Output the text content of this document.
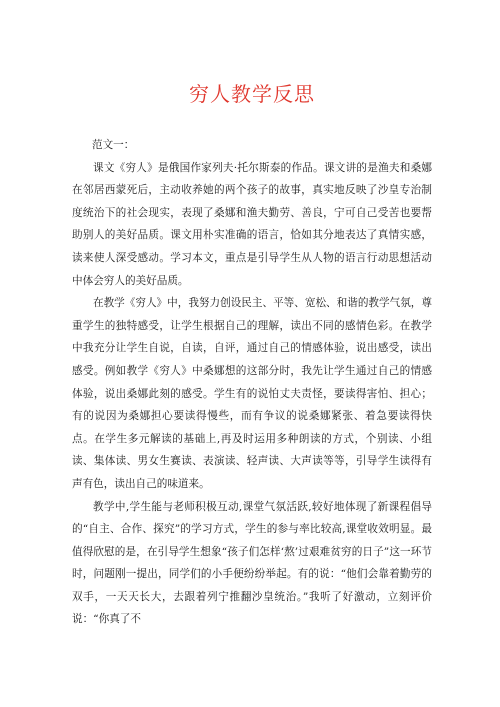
穷人教学反思

范文一：

课文《穷人》是俄国作家列夫·托尔斯泰的作品。课文讲的是渔夫和桑娜在邻居西蒙死后，主动收养她的两个孩子的故事，真实地反映了沙皇专治制度统治下的社会现实，表现了桑娜和渔夫勤劳、善良，宁可自己受苦也要帮助别人的美好品质。课文用朴实准确的语言，恰如其分地表达了真情实感，读来使人深受感动。学习本文，重点是引导学生从人物的语言行动思想活动中体会穷人的美好品质。

在教学《穷人》中，我努力创设民主、平等、宽松、和谐的教学气氛，尊重学生的独特感受，让学生根据自己的理解，读出不同的感情色彩。在教学中我充分让学生自说，自读，自评，通过自己的情感体验，说出感受，读出感受。例如教学《穷人》中桑娜想的这部分时，我先让学生通过自己的情感体验，说出桑娜此刻的感受。学生有的说怕丈夫责怪，要读得害怕、担心；有的说因为桑娜担心要读得慢些，而有争议的说桑娜紧张、着急要读得快点。在学生多元解读的基础上,再及时运用多种朗读的方式，个别读、小组读、集体读、男女生赛读、表演读、轻声读、大声读等等，引导学生读得有声有色，读出自己的味道来。

教学中,学生能与老师积极互动,课堂气氛活跃,较好地体现了新课程倡导的“自主、合作、探究”的学习方式，学生的参与率比较高,课堂收效明显。最值得欣慰的是，在引导学生想象“孩子们怎样‘熬’过艰难贫穷的日子”这一环节时，问题刚一提出，同学们的小手便纷纷举起。有的说：“他们会靠着勤劳的双手，一天天长大，去跟着列宁推翻沙皇统治。”我听了好激动，立刻评价说：“你真了不
